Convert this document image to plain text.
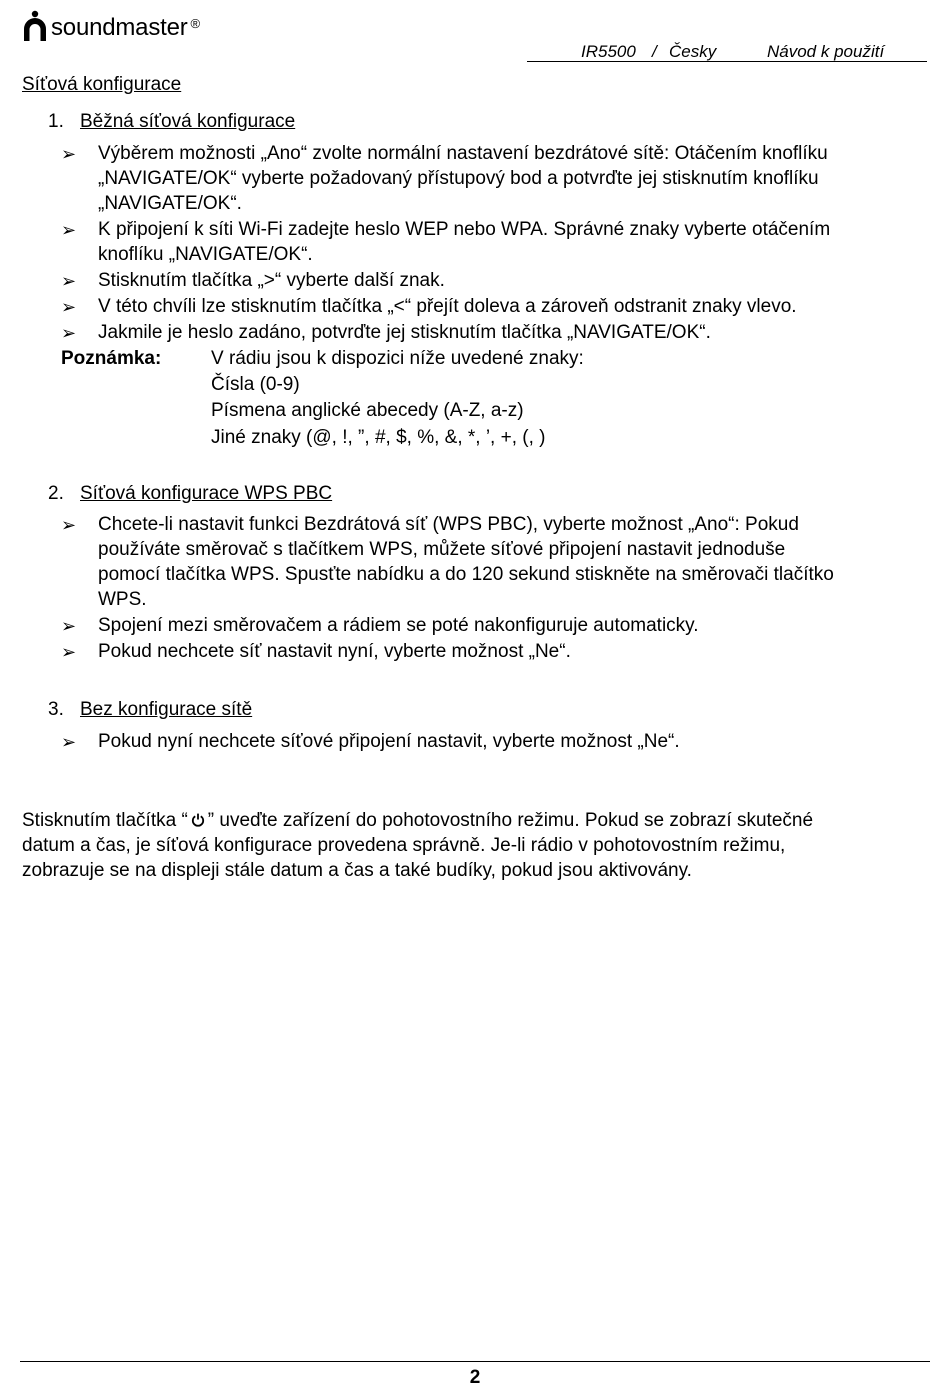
soundmaster ®
IR5500 / Česky	Návod k použití
Síťová konfigurace
1. Běžná síťová konfigurace
➢ Výběrem možnosti „Ano“ zvolte normální nastavení bezdrátové sítě: Otáčením knoflíku
„NAVIGATE/OK“ vyberte požadovaný přístupový bod a potvrďte jej stisknutím knoflíku
„NAVIGATE/OK“.
➢ K připojení k síti Wi-Fi zadejte heslo WEP nebo WPA. Správné znaky vyberte otáčením
knoflíku „NAVIGATE/OK“.
➢ Stisknutím tlačítka „>“ vyberte další znak.
➢ V této chvíli lze stisknutím tlačítka „<“ přejít doleva a zároveň odstranit znaky vlevo.
➢ Jakmile je heslo zadáno, potvrďte jej stisknutím tlačítka „NAVIGATE/OK“.
Poznámka:	V rádiu jsou k dispozici níže uvedené znaky:
Čísla (0-9)
Písmena anglické abecedy (A-Z, a-z)
Jiné znaky (@, !, ”, #, $, %, &, *, ’, +, (, )
2. Síťová konfigurace WPS PBC
➢ Chcete-li nastavit funkci Bezdrátová síť (WPS PBC), vyberte možnost „Ano“: Pokud
používáte směrovač s tlačítkem WPS, můžete síťové připojení nastavit jednoduše
pomocí tlačítka WPS. Spusťte nabídku a do 120 sekund stiskněte na směrovači tlačítko
WPS.
➢ Spojení mezi směrovačem a rádiem se poté nakonfiguruje automaticky.
➢ Pokud nechcete síť nastavit nyní, vyberte možnost „Ne“.
3. Bez konfigurace sítě
➢ Pokud nyní nechcete síťové připojení nastavit, vyberte možnost „Ne“.
Stisknutím tlačítka “ ” uveďte zařízení do pohotovostního režimu. Pokud se zobrazí skutečné
datum a čas, je síťová konfigurace provedena správně. Je-li rádio v pohotovostním režimu,
zobrazuje se na displeji stále datum a čas a také budíky, pokud jsou aktivovány.
2
